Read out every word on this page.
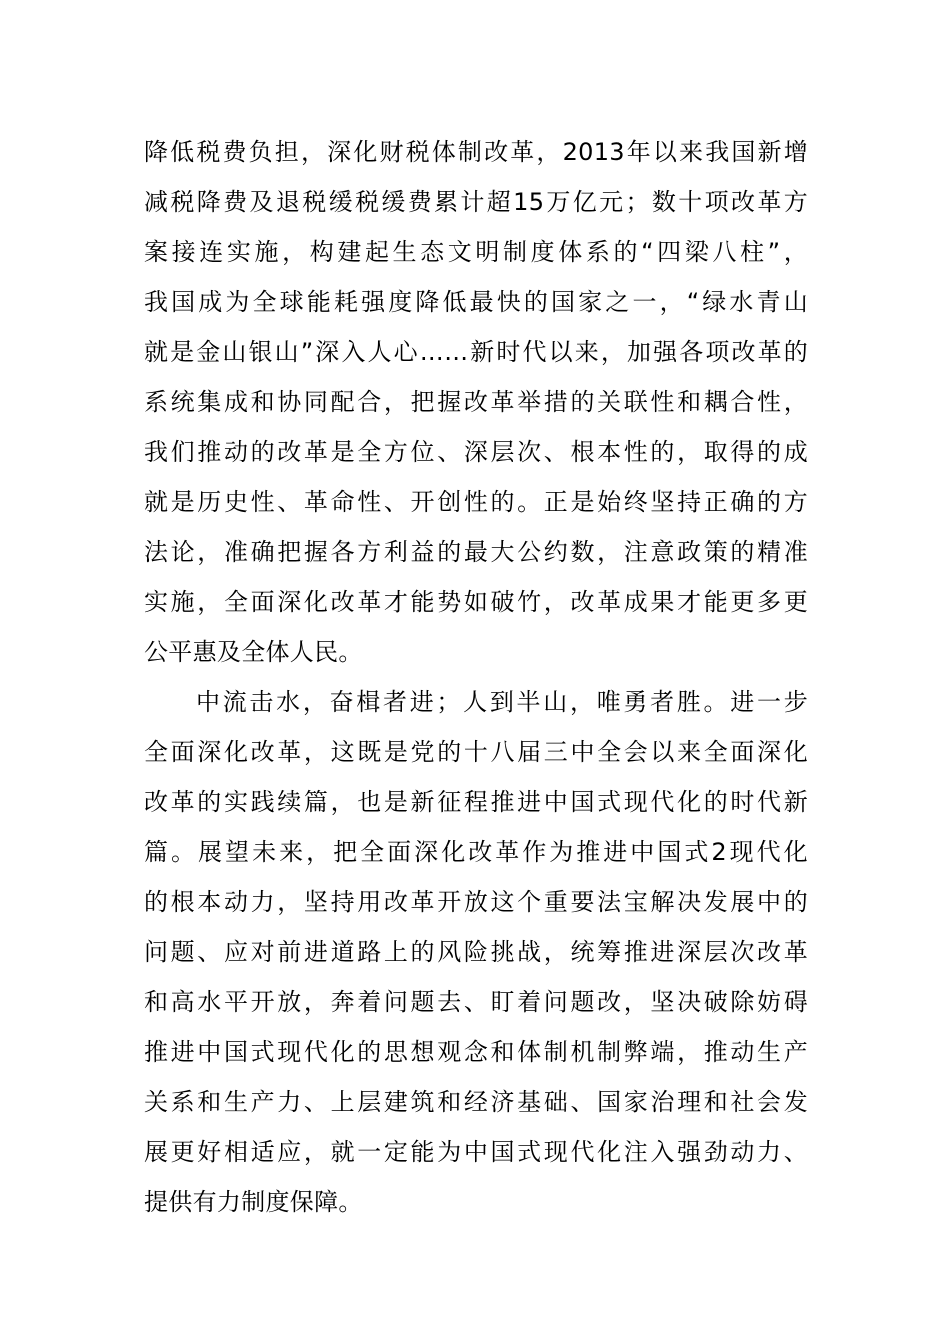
降低税费负担，深化财税体制改革，2013年以来我国新增
减税降费及退税缓税缓费累计超15万亿元；数十项改革方
案接连实施，构建起生态文明制度体系的“四梁八柱”，
我国成为全球能耗强度降低最快的国家之一，“绿水青山
就是金山银山”深入人心……新时代以来，加强各项改革的
系统集成和协同配合，把握改革举措的关联性和耦合性，
我们推动的改革是全方位、深层次、根本性的，取得的成
就是历史性、革命性、开创性的。正是始终坚持正确的方
法论，准确把握各方利益的最大公约数，注意政策的精准
实施，全面深化改革才能势如破竹，改革成果才能更多更
公平惠及全体人民。
中流击水，奋楫者进；人到半山，唯勇者胜。进一步
全面深化改革，这既是党的十八届三中全会以来全面深化
改革的实践续篇，也是新征程推进中国式现代化的时代新
篇。展望未来，把全面深化改革作为推进中国式2现代化
的根本动力，坚持用改革开放这个重要法宝解决发展中的
问题、应对前进道路上的风险挑战，统筹推进深层次改革
和高水平开放，奔着问题去、盯着问题改，坚决破除妨碍
推进中国式现代化的思想观念和体制机制弊端，推动生产
关系和生产力、上层建筑和经济基础、国家治理和社会发
展更好相适应，就一定能为中国式现代化注入强劲动力、
提供有力制度保障。
